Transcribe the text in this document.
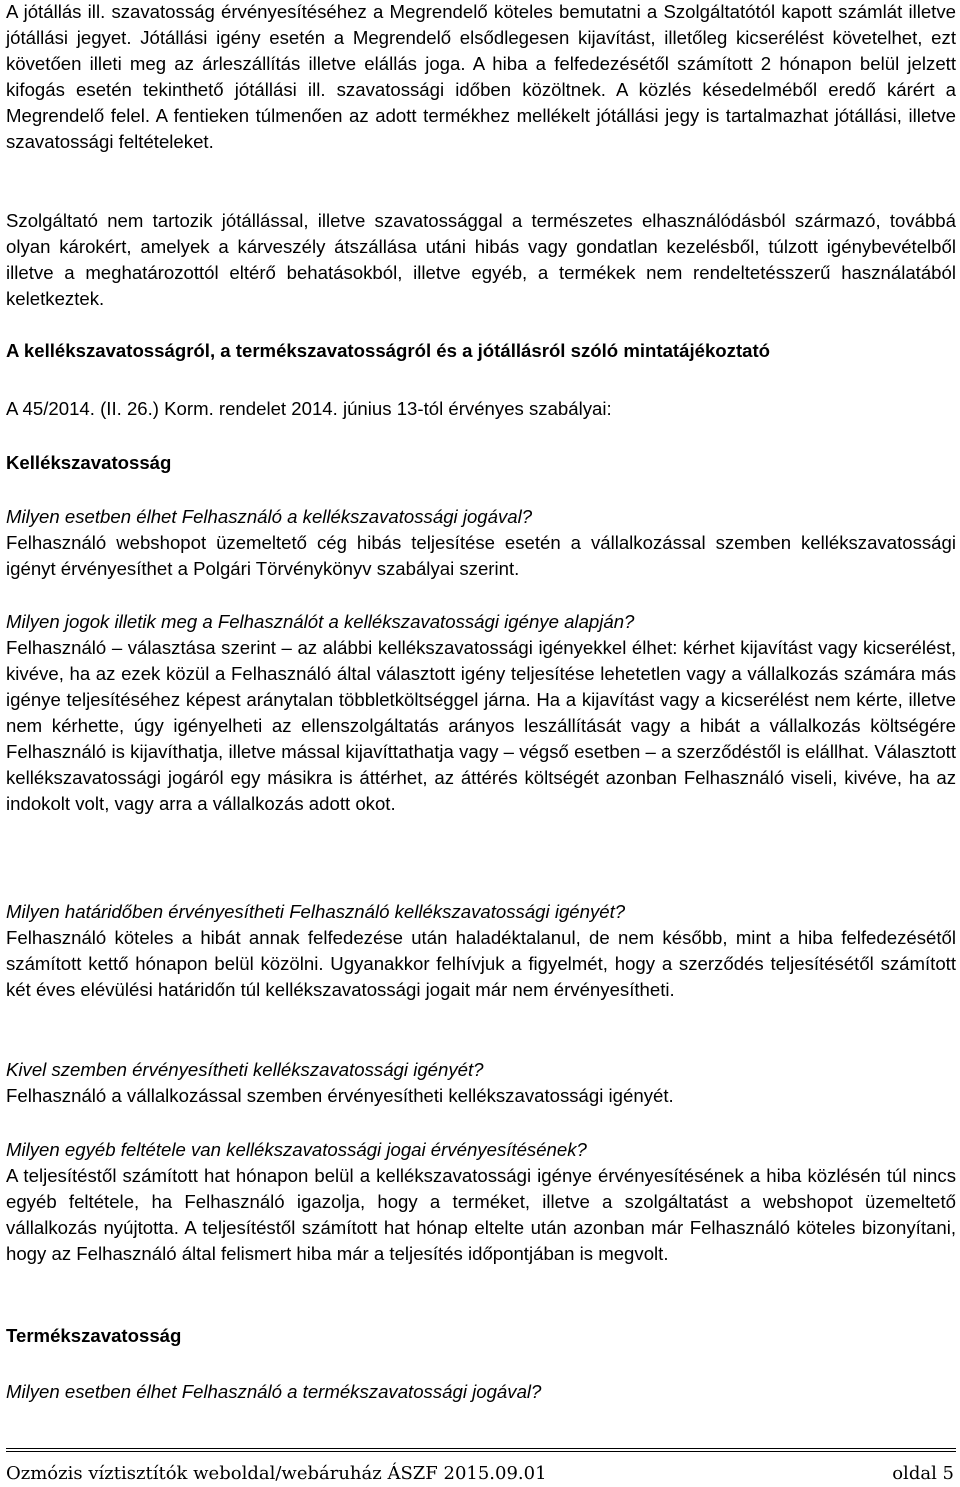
A jótállás ill. szavatosság érvényesítéséhez a Megrendelő köteles bemutatni a Szolgáltatótól kapott számlát illetve jótállási jegyet. Jótállási igény esetén a Megrendelő elsődlegesen kijavítást, illetőleg kicserélést követelhet, ezt követően illeti meg az árleszállítás illetve elállás joga. A hiba a felfedezésétől számított 2 hónapon belül jelzett kifogás esetén tekinthető jótállási ill. szavatossági időben közöltnek. A közlés késedelméből eredő kárért a Megrendelő felel. A fentieken túlmenően az adott termékhez mellékelt jótállási jegy is tartalmazhat jótállási, illetve szavatossági feltételeket.

Szolgáltató nem tartozik jótállással, illetve szavatossággal a természetes elhasználódásból származó, továbbá olyan károkért, amelyek a kárveszély átszállása utáni hibás vagy gondatlan kezelésből, túlzott igénybevételből illetve a meghatározottól eltérő behatásokból, illetve egyéb, a termékek nem rendeltetésszerű használatából keletkeztek.

A kellékszavatosságról, a termékszavatosságról és a jótállásról szóló mintatájékoztató

A 45/2014. (II. 26.) Korm. rendelet 2014. június 13-tól érvényes szabályai:

Kellékszavatosság

Milyen esetben élhet Felhasználó a kellékszavatossági jogával?

Felhasználó webshopot üzemeltető cég hibás teljesítése esetén a vállalkozással szemben kellékszavatossági igényt érvényesíthet a Polgári Törvénykönyv szabályai szerint.

Milyen jogok illetik meg a Felhasználót a kellékszavatossági igénye alapján?

Felhasználó – választása szerint – az alábbi kellékszavatossági igényekkel élhet: kérhet kijavítást vagy kicserélést, kivéve, ha az ezek közül a Felhasználó által választott igény teljesítése lehetetlen vagy a vállalkozás számára más igénye teljesítéséhez képest aránytalan többletköltséggel járna. Ha a kijavítást vagy a kicserélést nem kérte, illetve nem kérhette, úgy igényelheti az ellenszolgáltatás arányos leszállítását vagy a hibát a vállalkozás költségére Felhasználó is kijavíthatja, illetve mással kijavíttathatja vagy – végső esetben – a szerződéstől is elállhat. Választott kellékszavatossági jogáról egy másikra is áttérhet, az áttérés költségét azonban Felhasználó viseli, kivéve, ha az indokolt volt, vagy arra a vállalkozás adott okot.

Milyen határidőben érvényesítheti Felhasználó kellékszavatossági igényét?

Felhasználó köteles a hibát annak felfedezése után haladéktalanul, de nem később, mint a hiba felfedezésétől számított kettő hónapon belül közölni. Ugyanakkor felhívjuk a figyelmét, hogy a szerződés teljesítésétől számított két éves elévülési határidőn túl kellékszavatossági jogait már nem érvényesítheti.

Kivel szemben érvényesítheti kellékszavatossági igényét?

Felhasználó a vállalkozással szemben érvényesítheti kellékszavatossági igényét.

Milyen egyéb feltétele van kellékszavatossági jogai érvényesítésének?

A teljesítéstől számított hat hónapon belül a kellékszavatossági igénye érvényesítésének a hiba közlésén túl nincs egyéb feltétele, ha Felhasználó igazolja, hogy a terméket, illetve a szolgáltatást a webshopot üzemeltető vállalkozás nyújtotta. A teljesítéstől számított hat hónap eltelte után azonban már Felhasználó köteles bizonyítani, hogy az Felhasználó által felismert hiba már a teljesítés időpontjában is megvolt.

Termékszavatosság

Milyen esetben élhet Felhasználó a termékszavatossági jogával?

Ozmózis víztisztítók weboldal/webáruház ÁSZF 2015.09.01	oldal 5
